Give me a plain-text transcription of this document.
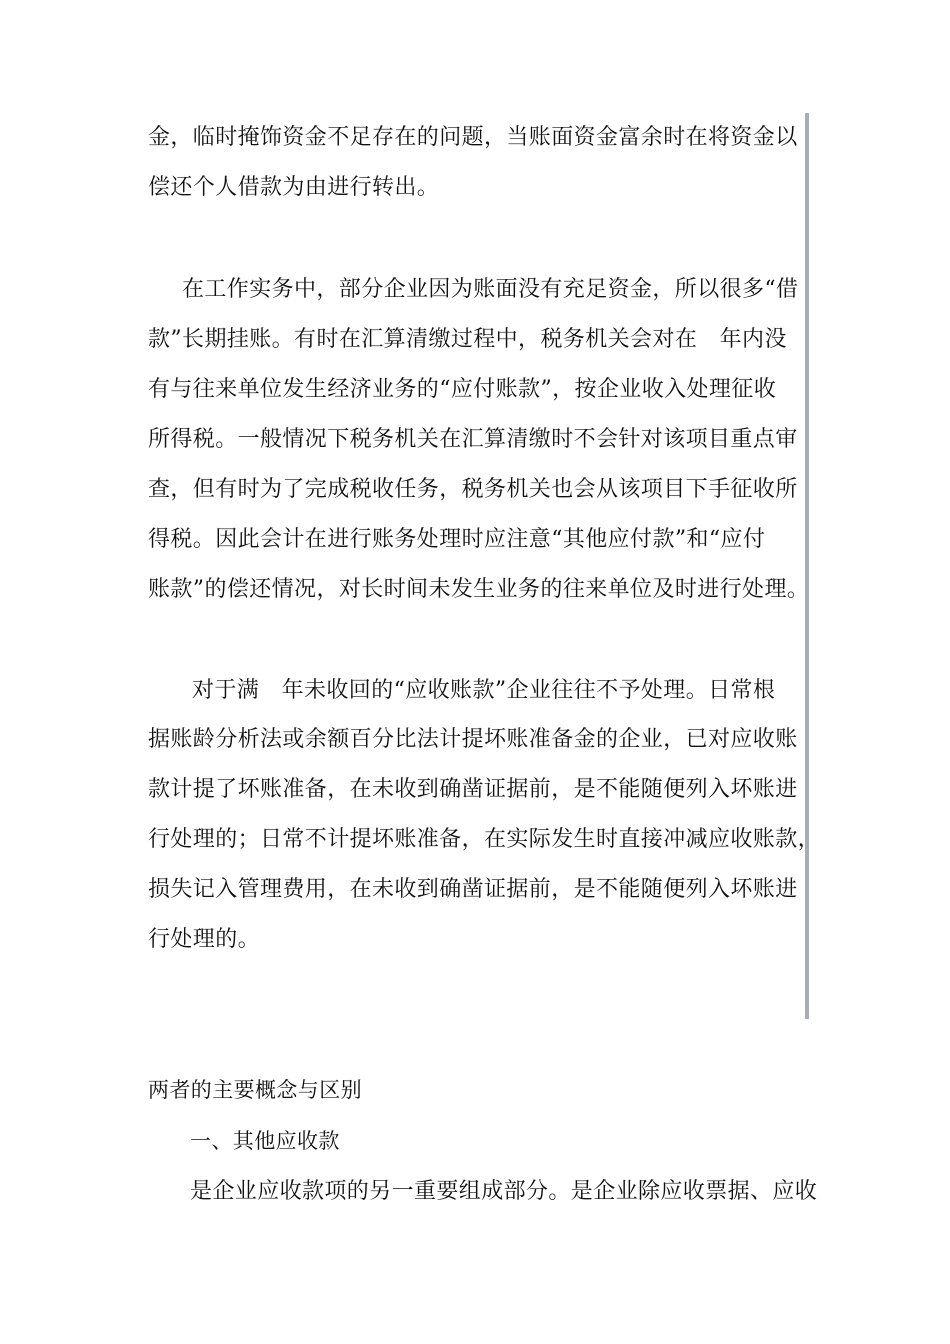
金，临时掩饰资金不足存在的问题，当账面资金富余时在将资金以
偿还个人借款为由进行转出。
在工作实务中，部分企业因为账面没有充足资金，所以很多“借
款”长期挂账。有时在汇算清缴过程中，税务机关会对在　年内没
有与往来单位发生经济业务的“应付账款”，按企业收入处理征收
所得税。一般情况下税务机关在汇算清缴时不会针对该项目重点审
查，但有时为了完成税收任务，税务机关也会从该项目下手征收所
得税。因此会计在进行账务处理时应注意“其他应付款”和“应付
账款”的偿还情况，对长时间未发生业务的往来单位及时进行处理。
对于满　年未收回的“应收账款”企业往往不予处理。日常根
据账龄分析法或余额百分比法计提坏账准备金的企业，已对应收账
款计提了坏账准备，在未收到确凿证据前，是不能随便列入坏账进
行处理的；日常不计提坏账准备，在实际发生时直接冲减应收账款，
损失记入管理费用，在未收到确凿证据前，是不能随便列入坏账进
行处理的。
两者的主要概念与区别
一、其他应收款
是企业应收款项的另一重要组成部分。是企业除应收票据、应收
